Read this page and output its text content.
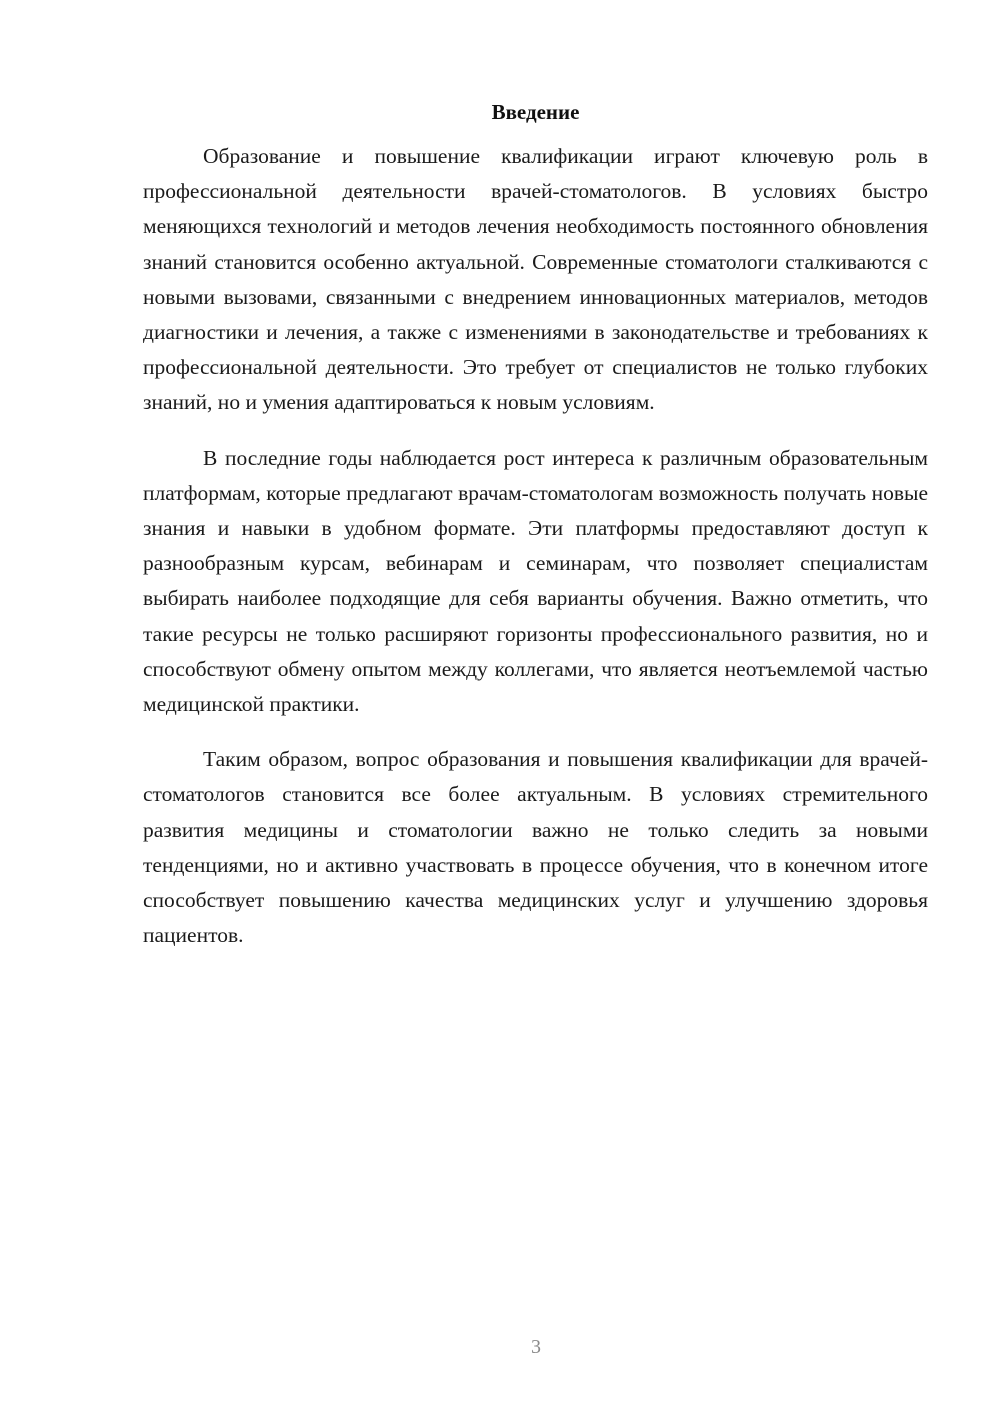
Введение

Образование и повышение квалификации играют ключевую роль в профессиональной деятельности врачей-стоматологов. В условиях быстро меняющихся технологий и методов лечения необходимость постоянного обновления знаний становится особенно актуальной. Современные стоматологи сталкиваются с новыми вызовами, связанными с внедрением инновационных материалов, методов диагностики и лечения, а также с изменениями в законодательстве и требованиях к профессиональной деятельности. Это требует от специалистов не только глубоких знаний, но и умения адаптироваться к новым условиям.

В последние годы наблюдается рост интереса к различным образовательным платформам, которые предлагают врачам-стоматологам возможность получать новые знания и навыки в удобном формате. Эти платформы предоставляют доступ к разнообразным курсам, вебинарам и семинарам, что позволяет специалистам выбирать наиболее подходящие для себя варианты обучения. Важно отметить, что такие ресурсы не только расширяют горизонты профессионального развития, но и способствуют обмену опытом между коллегами, что является неотъемлемой частью медицинской практики.

Таким образом, вопрос образования и повышения квалификации для врачей-стоматологов становится все более актуальным. В условиях стремительного развития медицины и стоматологии важно не только следить за новыми тенденциями, но и активно участвовать в процессе обучения, что в конечном итоге способствует повышению качества медицинских услуг и улучшению здоровья пациентов.

3
